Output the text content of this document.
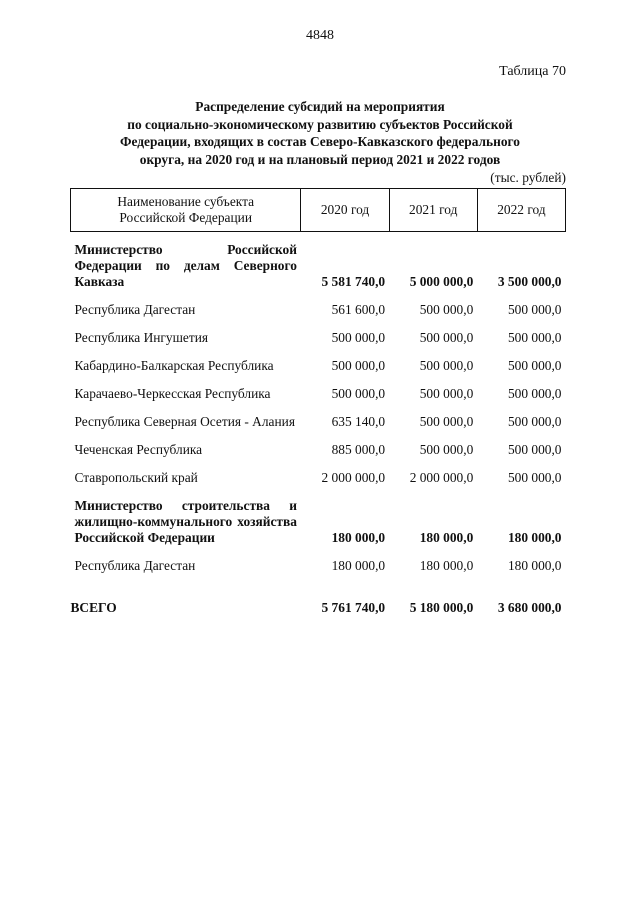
4848
Таблица 70
Распределение субсидий на мероприятия
по социально-экономическому развитию субъектов Российской
Федерации, входящих в состав Северо-Кавказского федерального
округа, на 2020 год и на плановый период 2021 и 2022 годов
(тыс. рублей)
Наименование субъекта
Российской Федерации	2020 год	2021 год	2022 год
Министерство Российской Федерации по делам Северного Кавказа	5 581 740,0	5 000 000,0	3 500 000,0
Республика Дагестан	561 600,0	500 000,0	500 000,0
Республика Ингушетия	500 000,0	500 000,0	500 000,0
Кабардино-Балкарская Республика	500 000,0	500 000,0	500 000,0
Карачаево-Черкесская Республика	500 000,0	500 000,0	500 000,0
Республика Северная Осетия - Алания	635 140,0	500 000,0	500 000,0
Чеченская Республика	885 000,0	500 000,0	500 000,0
Ставропольский край	2 000 000,0	2 000 000,0	500 000,0
Министерство строительства и жилищно-коммунального хозяйства Российской Федерации	180 000,0	180 000,0	180 000,0
Республика Дагестан	180 000,0	180 000,0	180 000,0
ВСЕГО	5 761 740,0	5 180 000,0	3 680 000,0
